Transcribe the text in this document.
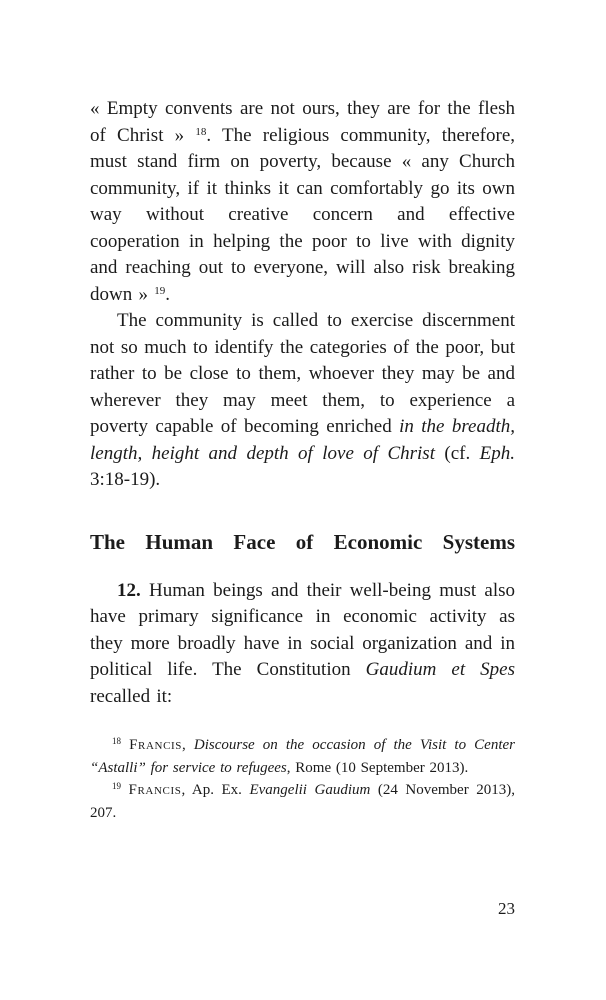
« Empty convents are not ours, they are for the flesh of Christ » $^{18}$. The religious community, therefore, must stand firm on poverty, because « any Church community, if it thinks it can comfortably go its own way without creative concern and effective cooperation in helping the poor to live with dignity and reaching out to everyone, will also risk breaking down » $^{19}$.

The community is called to exercise discernment not so much to identify the categories of the poor, but rather to be close to them, whoever they may be and wherever they may meet them, to experience a poverty capable of becoming enriched in the breadth, length, height and depth of love of Christ (cf. Eph. 3:18-19).

The Human Face of Economic Systems

12. Human beings and their well-being must also have primary significance in economic activity as they more broadly have in social organization and in political life. The Constitution Gaudium et Spes recalled it:

$^{18}$ Francis, Discourse on the occasion of the Visit to Center “Astalli” for service to refugees, Rome (10 September 2013).

$^{19}$ Francis, Ap. Ex. Evangelii Gaudium (24 November 2013), 207.

23
